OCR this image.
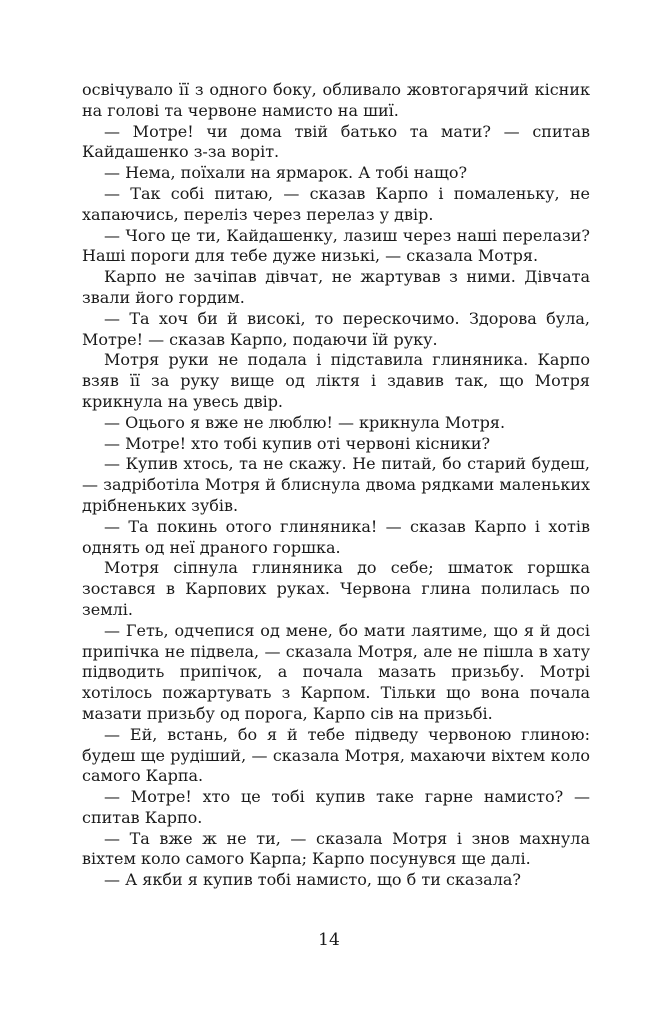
освічувало її з одного боку, обливало жовтогарячий кісник на голові та червоне намисто на шиї.

— Мотре! чи дома твій батько та мати? — спитав Кайдашенко з-за воріт.

— Нема, поїхали на ярмарок. А тобі нащо?

— Так собі питаю, — сказав Карпо і помаленьку, не хапаючись, переліз через перелаз у двір.

— Чого це ти, Кайдашенку, лазиш через наші перелази? Наші пороги для тебе дуже низькі, — сказала Мотря.

Карпо не зачіпав дівчат, не жартував з ними. Дівчата звали його гордим.

— Та хоч би й високі, то перескочимо. Здорова була, Мотре! — сказав Карпо, подаючи їй руку.

Мотря руки не подала і підставила глиняника. Карпо взяв її за руку вище од ліктя і здавив так, що Мотря крикнула на увесь двір.

— Оцього я вже не люблю! — крикнула Мотря.

— Мотре! хто тобі купив оті червоні кісники?

— Купив хтось, та не скажу. Не питай, бо старий будеш, — задріботіла Мотря й блиснула двома рядками маленьких дрібненьких зубів.

— Та покинь отого глиняника! — сказав Карпо і хотів однять од неї драного горшка.

Мотря сіпнула глиняника до себе; шматок горшка зостався в Карпових руках. Червона глина полилась по землі.

— Геть, одчепися од мене, бо мати лаятиме, що я й досі припічка не підвела, — сказала Мотря, але не пішла в хату підводить припічок, а почала мазать призьбу. Мотрі хотілось пожартувать з Карпом. Тільки що вона почала мазати призьбу од порога, Карпо сів на призьбі.

— Ей, встань, бо я й тебе підведу червоною глиною: будеш ще рудіший, — сказала Мотря, махаючи віхтем коло самого Карпа.

— Мотре! хто це тобі купив таке гарне намисто? — спитав Карпо.

— Та вже ж не ти, — сказала Мотря і знов махнула віхтем коло самого Карпа; Карпо посунувся ще далі.

— А якби я купив тобі намисто, що б ти сказала?

14
